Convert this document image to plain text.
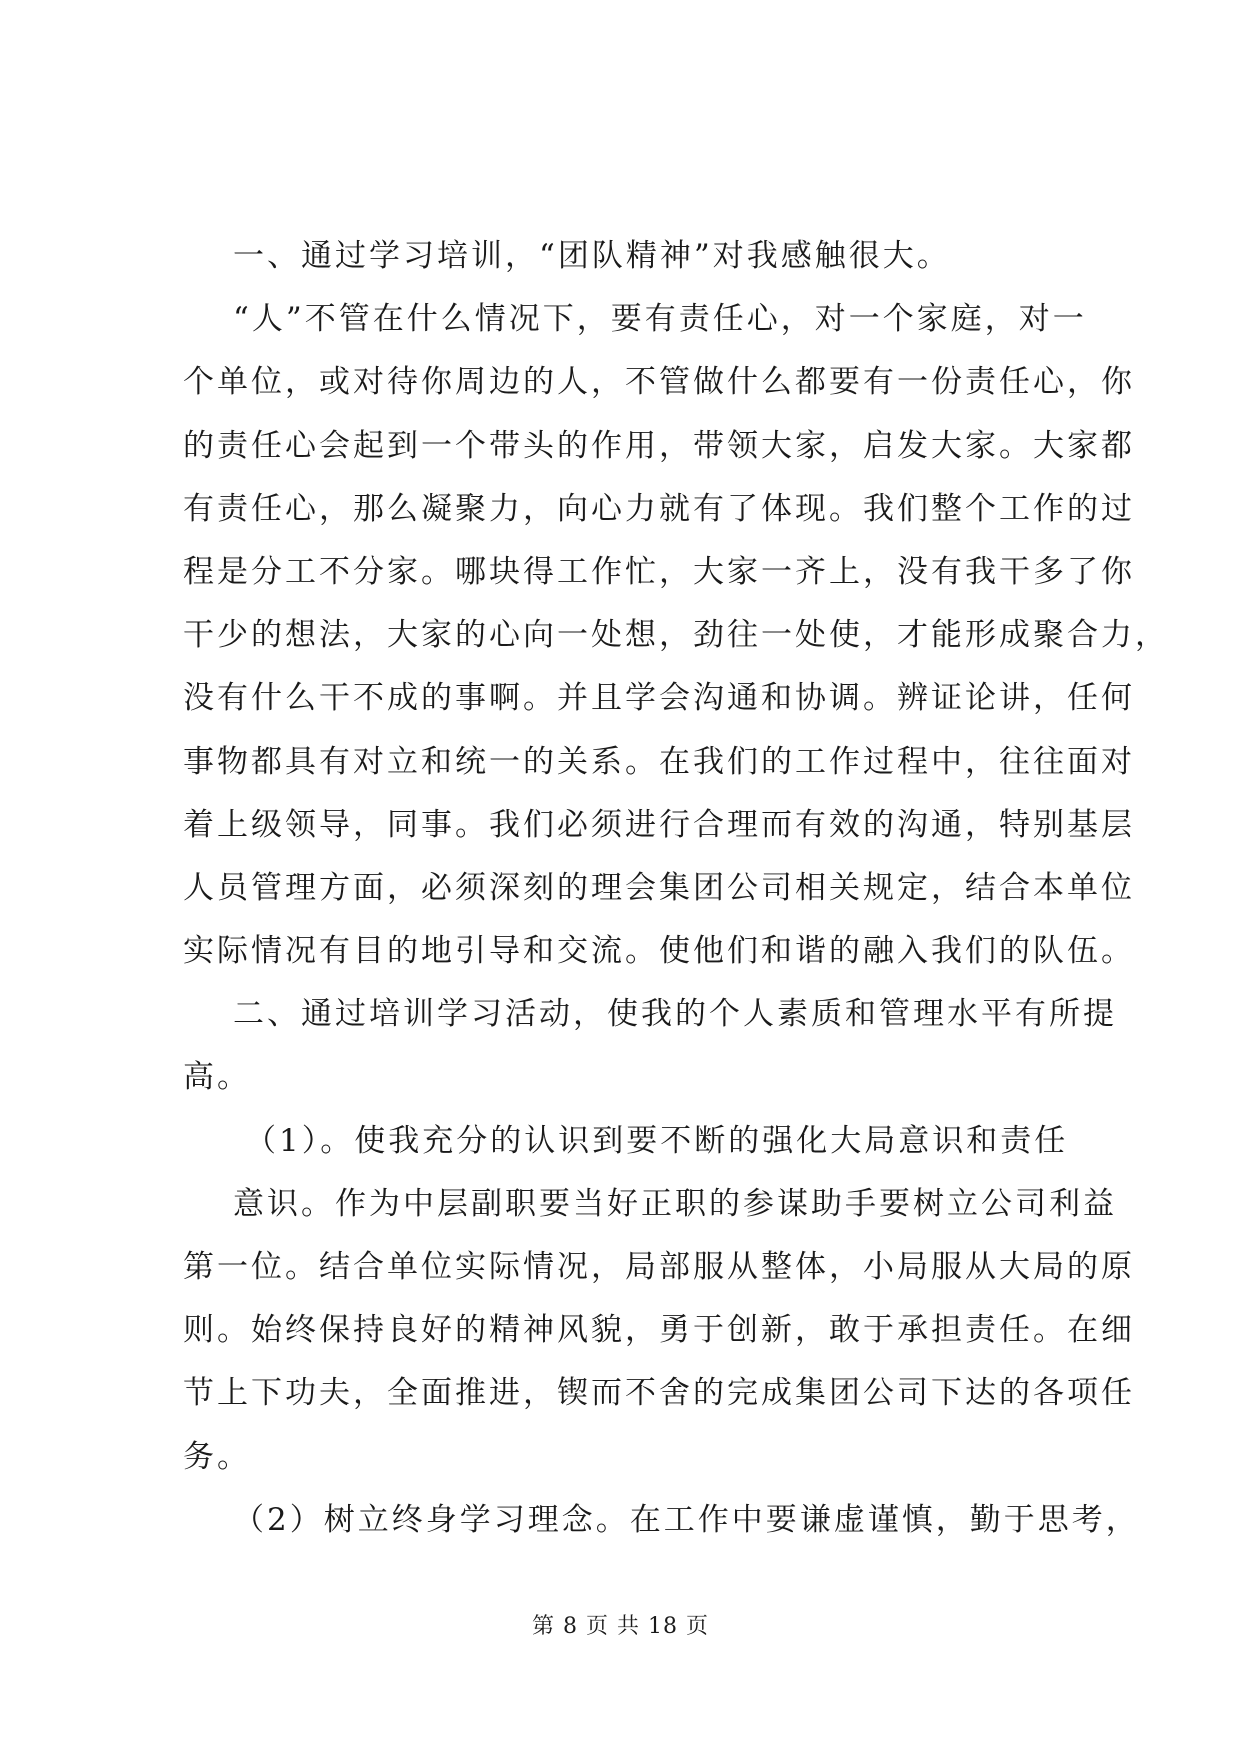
一、通过学习培训，“团队精神”对我感触很大。
“人”不管在什么情况下，要有责任心，对一个家庭，对一
个单位，或对待你周边的人，不管做什么都要有一份责任心，你
的责任心会起到一个带头的作用，带领大家，启发大家。大家都
有责任心，那么凝聚力，向心力就有了体现。我们整个工作的过
程是分工不分家。哪块得工作忙，大家一齐上，没有我干多了你
干少的想法，大家的心向一处想，劲往一处使，才能形成聚合力，
没有什么干不成的事啊。并且学会沟通和协调。辨证论讲，任何
事物都具有对立和统一的关系。在我们的工作过程中，往往面对
着上级领导，同事。我们必须进行合理而有效的沟通，特别基层
人员管理方面，必须深刻的理会集团公司相关规定，结合本单位
实际情况有目的地引导和交流。使他们和谐的融入我们的队伍。
二、通过培训学习活动，使我的个人素质和管理水平有所提
高。
（1）。使我充分的认识到要不断的强化大局意识和责任
意识。作为中层副职要当好正职的参谋助手要树立公司利益
第一位。结合单位实际情况，局部服从整体，小局服从大局的原
则。始终保持良好的精神风貌，勇于创新，敢于承担责任。在细
节上下功夫，全面推进，锲而不舍的完成集团公司下达的各项任
务。
（2）树立终身学习理念。在工作中要谦虚谨慎，勤于思考，
第 8 页 共 18 页
